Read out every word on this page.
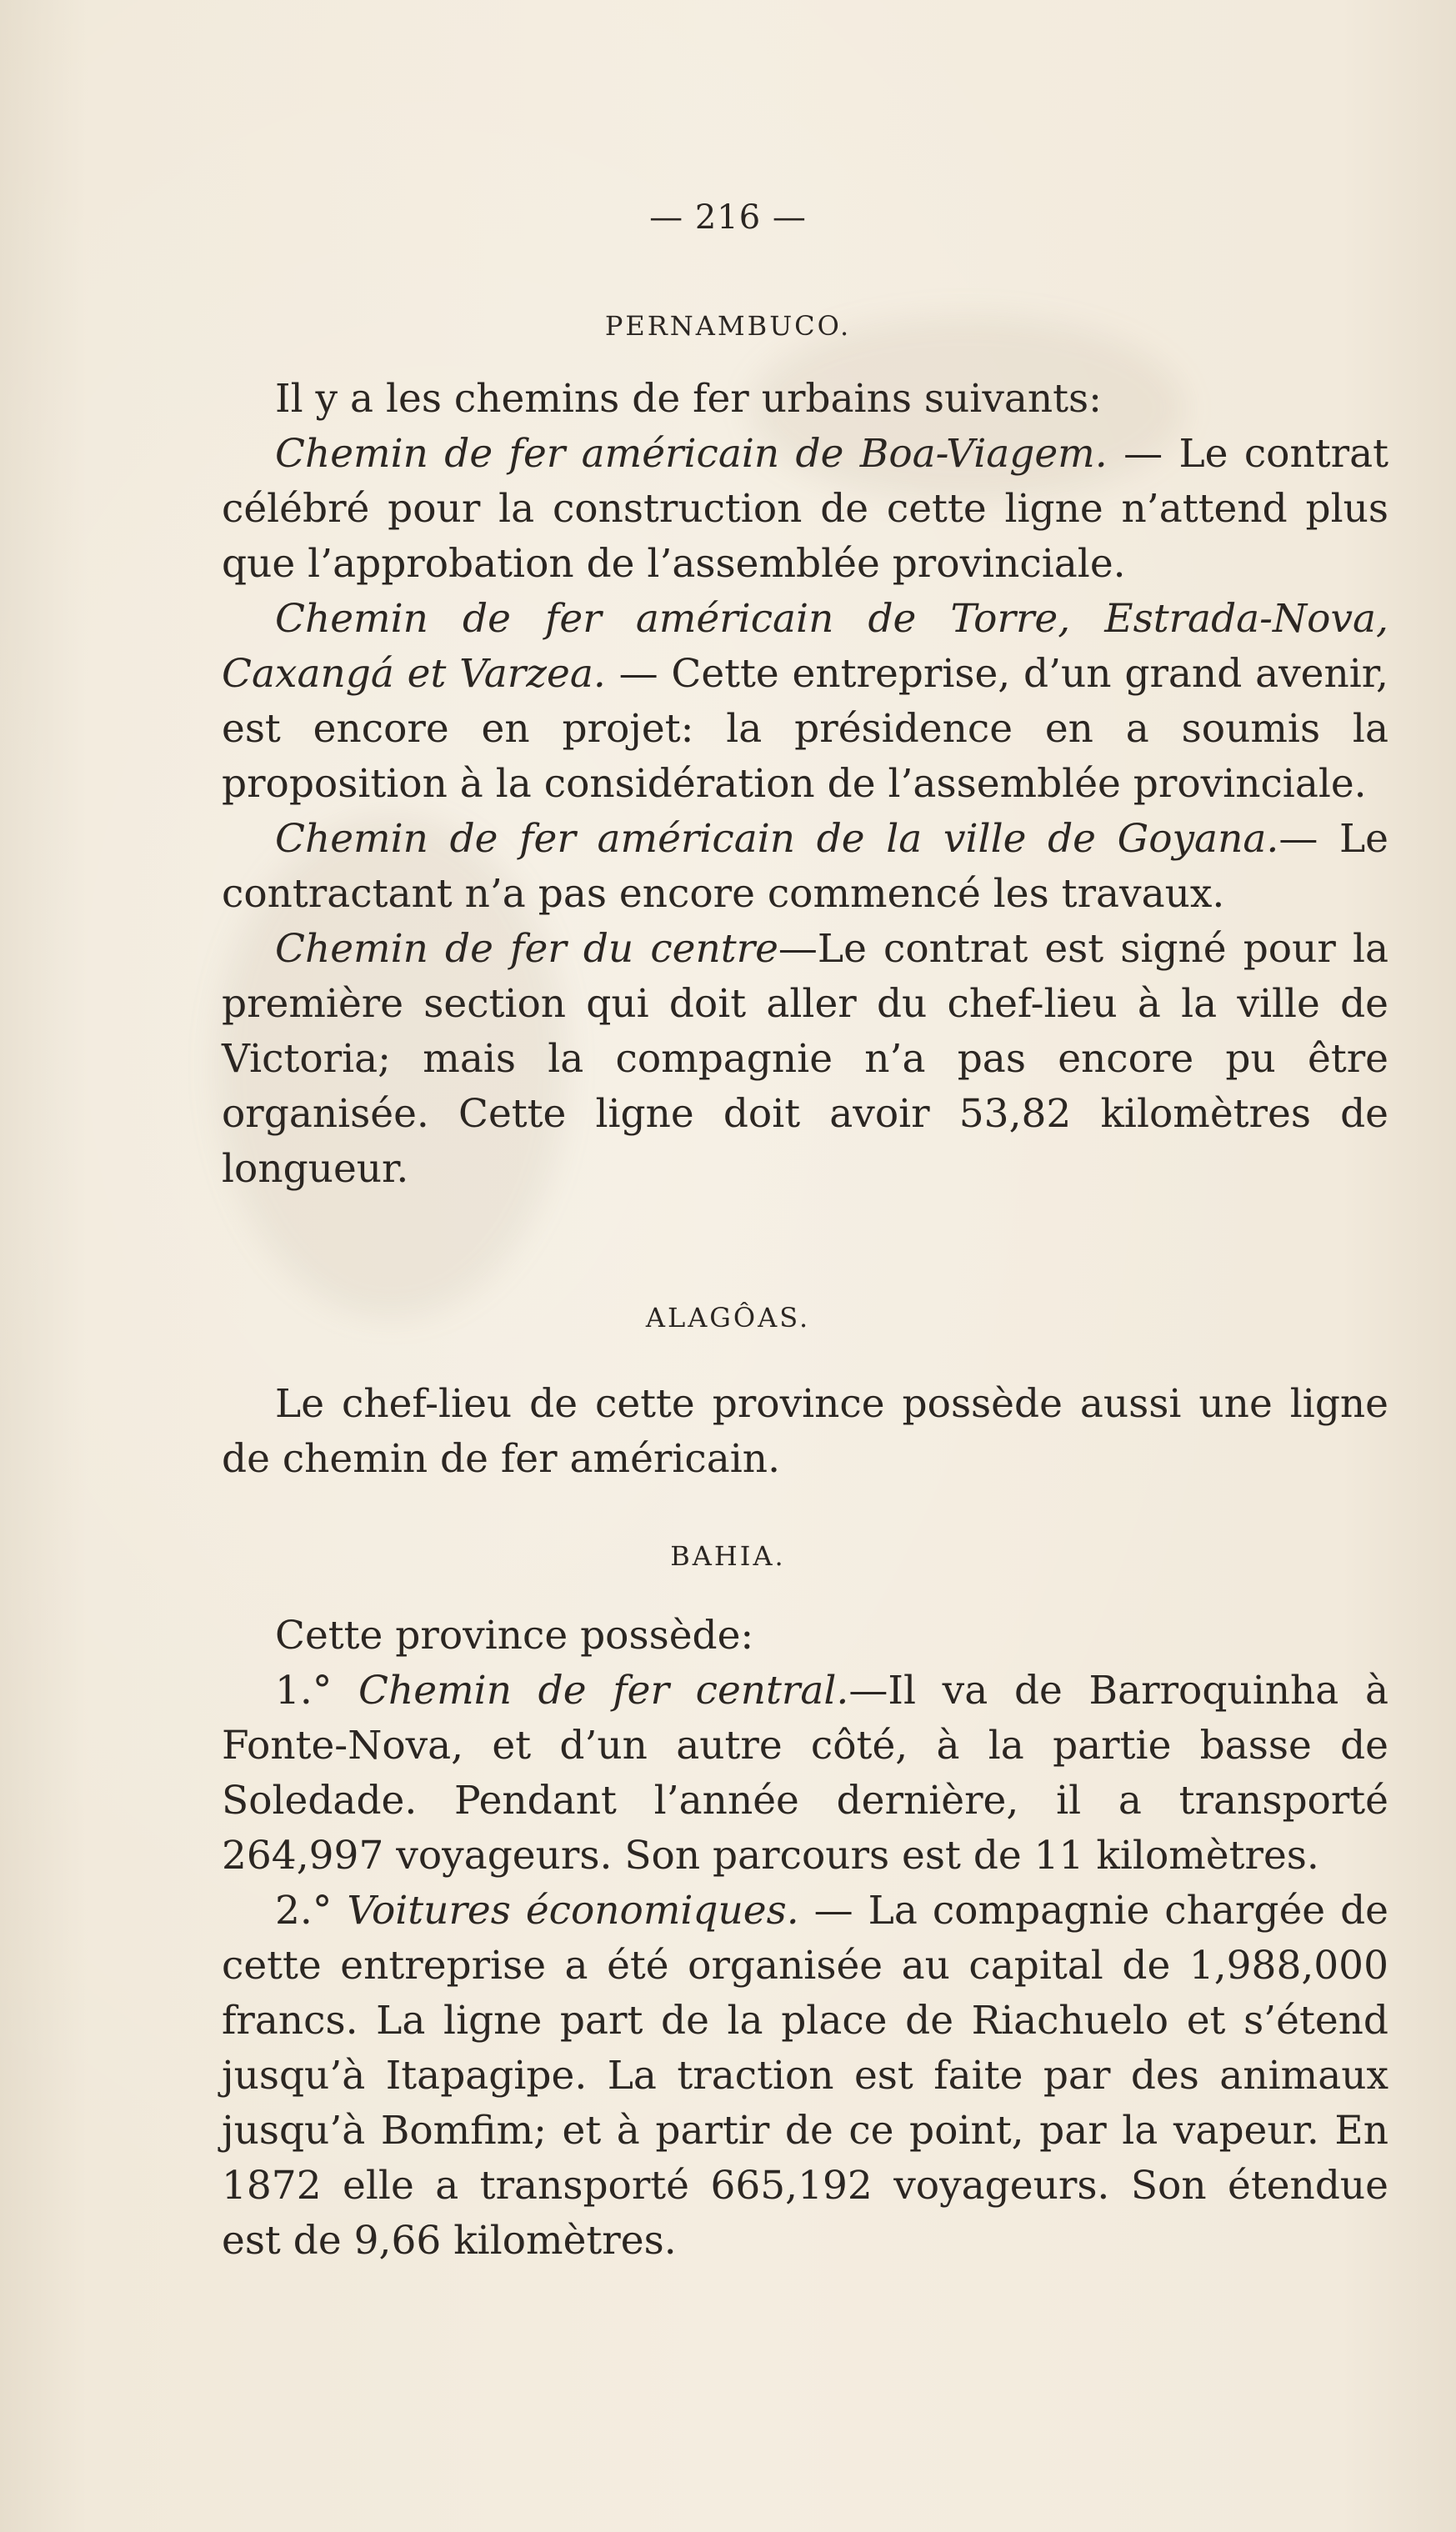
— 216 —
PERNAMBUCO.

Il y a les chemins de fer urbains suivants:

Chemin de fer américain de Boa-Viagem. — Le contrat célébré pour la construction de cette ligne n’attend plus que l’approbation de l’assemblée provinciale.

Chemin de fer américain de Torre, Estrada-Nova, Caxangá et Varzea. — Cette entreprise, d’un grand avenir, est encore en projet: la présidence en a soumis la proposition à la considération de l’assemblée provinciale.

Chemin de fer américain de la ville de Goyana.— Le contractant n’a pas encore commencé les travaux.

Chemin de fer du centre—Le contrat est signé pour la première section qui doit aller du chef-lieu à la ville de Victoria; mais la compagnie n’a pas encore pu être organisée. Cette ligne doit avoir 53,82 kilomètres de longueur.

ALAGÔAS.

Le chef-lieu de cette province possède aussi une ligne de chemin de fer américain.

BAHIA.

Cette province possède:

1.° Chemin de fer central.—Il va de Barroquinha à Fonte-Nova, et d’un autre côté, à la partie basse de Soledade. Pendant l’année dernière, il a transporté 264,997 voyageurs. Son parcours est de 11 kilomètres.

2.° Voitures économiques. — La compagnie chargée de cette entreprise a été organisée au capital de 1,988,000 francs. La ligne part de la place de Riachuelo et s’étend jusqu’à Itapagipe. La traction est faite par des animaux jusqu’à Bomfim; et à partir de ce point, par la vapeur. En 1872 elle a transporté 665,192 voyageurs. Son étendue est de 9,66 kilomètres.
